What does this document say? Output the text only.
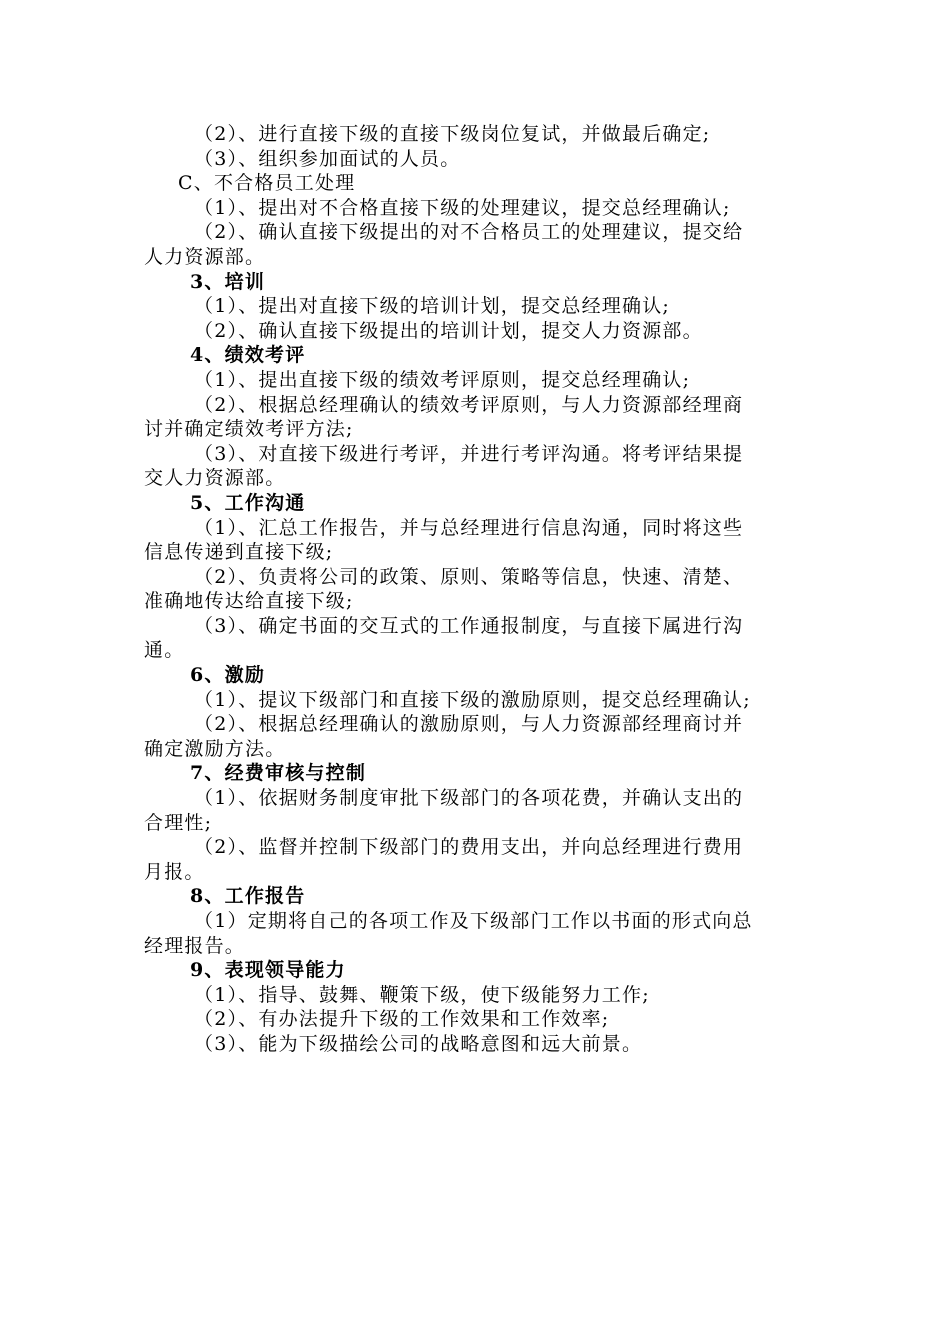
（2）、进行直接下级的直接下级岗位复试，并做最后确定;
（3）、组织参加面试的人员。
C、不合格员工处理
（1）、提出对不合格直接下级的处理建议，提交总经理确认;
（2）、确认直接下级提出的对不合格员工的处理建议，提交给
人力资源部。
3、培训
（1）、提出对直接下级的培训计划，提交总经理确认;
（2）、确认直接下级提出的培训计划，提交人力资源部。
4、绩效考评
（1）、提出直接下级的绩效考评原则，提交总经理确认;
（2）、根据总经理确认的绩效考评原则，与人力资源部经理商
讨并确定绩效考评方法;
（3）、对直接下级进行考评，并进行考评沟通。将考评结果提
交人力资源部。
5、工作沟通
（1）、汇总工作报告，并与总经理进行信息沟通，同时将这些
信息传递到直接下级;
（2）、负责将公司的政策、原则、策略等信息，快速、清楚、
准确地传达给直接下级;
（3）、确定书面的交互式的工作通报制度，与直接下属进行沟
通。
6、激励
（1）、提议下级部门和直接下级的激励原则，提交总经理确认;
（2）、根据总经理确认的激励原则，与人力资源部经理商讨并
确定激励方法。
7、经费审核与控制
（1）、依据财务制度审批下级部门的各项花费，并确认支出的
合理性;
（2）、监督并控制下级部门的费用支出，并向总经理进行费用
月报。
8、工作报告
（1）定期将自己的各项工作及下级部门工作以书面的形式向总
经理报告。
9、表现领导能力
（1）、指导、鼓舞、鞭策下级，使下级能努力工作;
（2）、有办法提升下级的工作效果和工作效率;
（3）、能为下级描绘公司的战略意图和远大前景。
